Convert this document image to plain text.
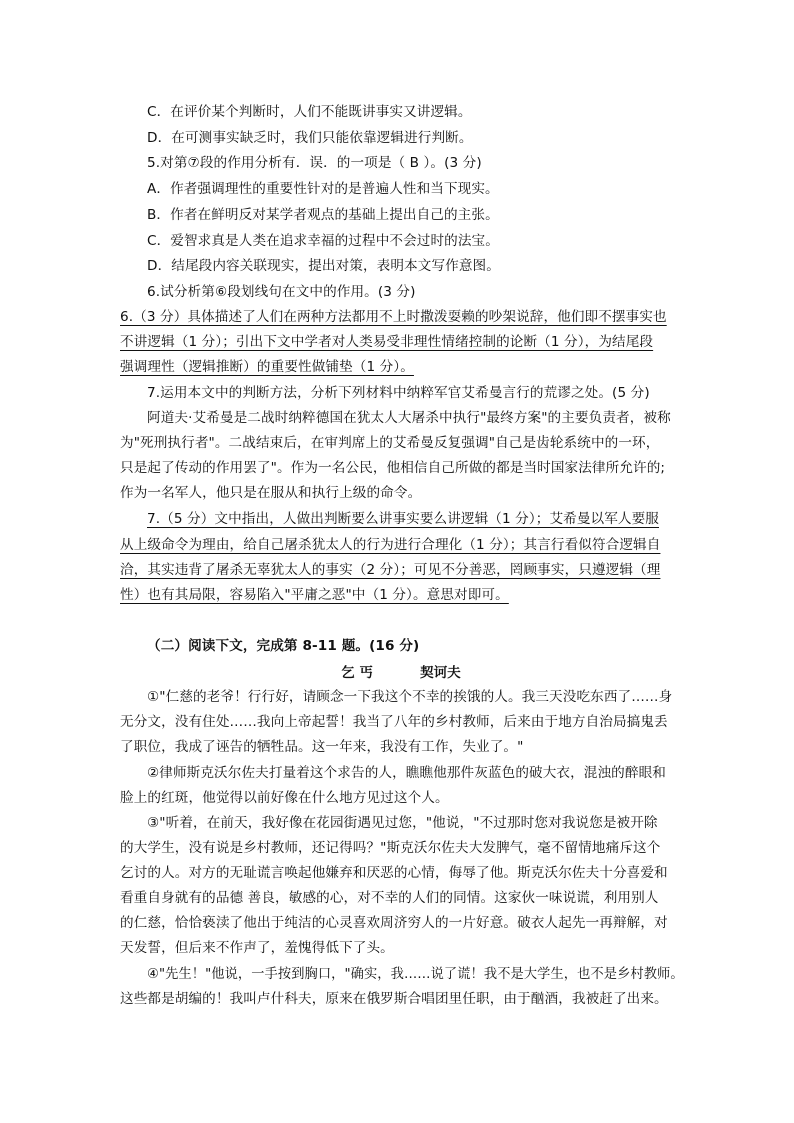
C．在评价某个判断时，人们不能既讲事实又讲逻辑。
D．在可测事实缺乏时，我们只能依靠逻辑进行判断。
5.对第⑦段的作用分析有．误．的一项是（ B ）。(3 分)
A．作者强调理性的重要性针对的是普遍人性和当下现实。
B．作者在鲜明反对某学者观点的基础上提出自己的主张。
C．爱智求真是人类在追求幸福的过程中不会过时的法宝。
D．结尾段内容关联现实，提出对策，表明本文写作意图。
6.试分析第⑥段划线句在文中的作用。(3 分)
6.（3 分）具体描述了人们在两种方法都用不上时撒泼耍赖的吵架说辞，他们即不摆事实也
不讲逻辑（1 分）；引出下文中学者对人类易受非理性情绪控制的论断（1 分），为结尾段
强调理性（逻辑推断）的重要性做铺垫（1 分）。
7.运用本文中的判断方法，分析下列材料中纳粹军官艾希曼言行的荒谬之处。(5 分)
阿道夫·艾希曼是二战时纳粹德国在犹太人大屠杀中执行"最终方案"的主要负责者，被称
为"死刑执行者"。二战结束后，在审判席上的艾希曼反复强调"自己是齿轮系统中的一环，
只是起了传动的作用罢了"。作为一名公民，他相信自己所做的都是当时国家法律所允许的;
作为一名军人，他只是在服从和执行上级的命令。
7.（5 分）文中指出，人做出判断要么讲事实要么讲逻辑（1 分）；艾希曼以军人要服
从上级命令为理由，给自己屠杀犹太人的行为进行合理化（1 分）；其言行看似符合逻辑自
洽，其实违背了屠杀无辜犹太人的事实（2 分）；可见不分善恶，罔顾事实，只遵逻辑（理
性）也有其局限，容易陷入"平庸之恶"中（1 分）。意思对即可。
（二）阅读下文，完成第 8-11 题。(16 分)
乞 丐	契诃夫
①"仁慈的老爷！行行好，请顾念一下我这个不幸的挨饿的人。我三天没吃东西了……身
无分文，没有住处……我向上帝起誓！我当了八年的乡村教师，后来由于地方自治局搞鬼丢
了职位，我成了诬告的牺牲品。这一年来，我没有工作，失业了。"
②律师斯克沃尔佐夫打量着这个求告的人，瞧瞧他那件灰蓝色的破大衣，混浊的醉眼和
脸上的红斑，他觉得以前好像在什么地方见过这个人。
③"听着，在前天，我好像在花园街遇见过您，"他说，"不过那时您对我说您是被开除
的大学生，没有说是乡村教师，还记得吗？"斯克沃尔佐夫大发脾气，毫不留情地痛斥这个
乞讨的人。对方的无耻谎言唤起他嫌弃和厌恶的心情，侮辱了他。斯克沃尔佐夫十分喜爱和
看重自身就有的品德 善良，敏感的心，对不幸的人们的同情。这家伙一味说谎，利用别人
的仁慈，恰恰亵渎了他出于纯洁的心灵喜欢周济穷人的一片好意。破衣人起先一再辩解，对
天发誓，但后来不作声了，羞愧得低下了头。
④"先生！"他说，一手按到胸口，"确实，我……说了谎！我不是大学生，也不是乡村教师。
这些都是胡编的！我叫卢什科夫，原来在俄罗斯合唱团里任职，由于酗酒，我被赶了出来。
